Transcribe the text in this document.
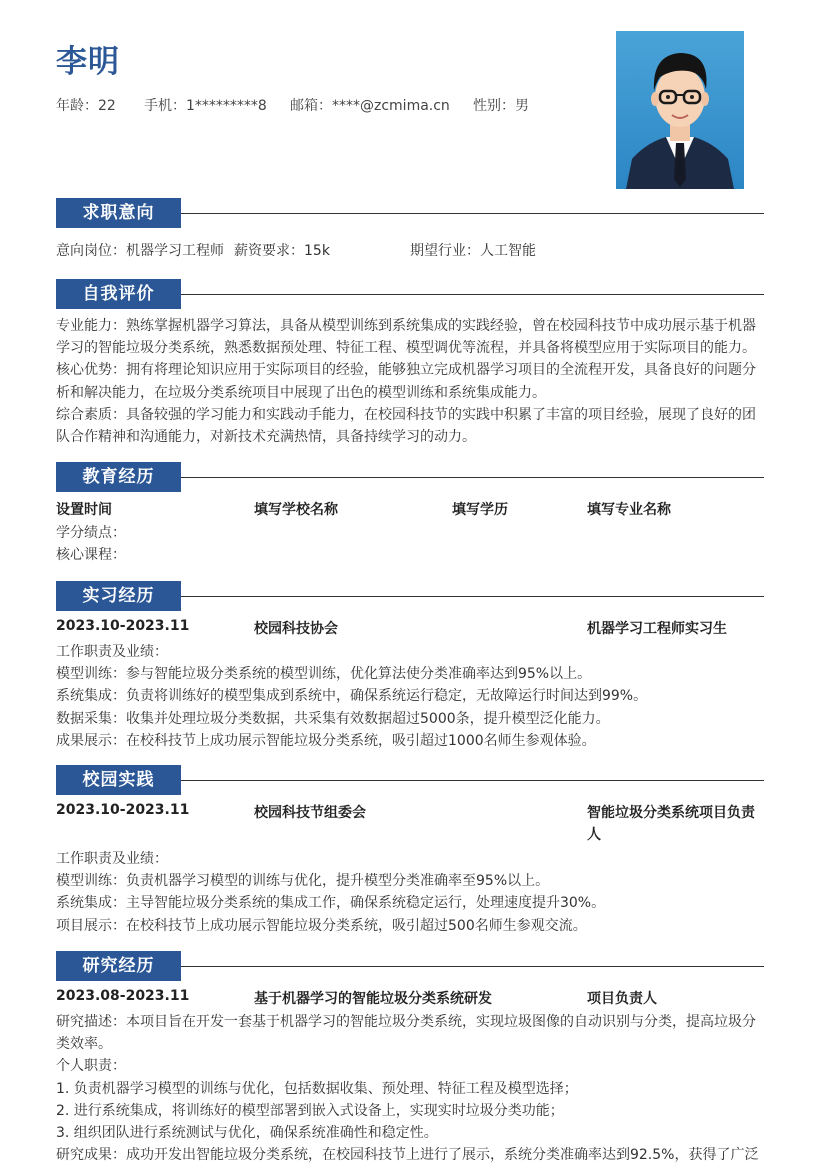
李明
年龄：22	手机：1*********8	邮箱：****@zcmima.cn	性别：男
求职意向
意向岗位：机器学习工程师 薪资要求：15k	期望行业：人工智能
自我评价
专业能力：熟练掌握机器学习算法，具备从模型训练到系统集成的实践经验，曾在校园科技节中成功展示基于机器学习的智能垃圾分类系统，熟悉数据预处理、特征工程、模型调优等流程，并具备将模型应用于实际项目的能力。
核心优势：拥有将理论知识应用于实际项目的经验，能够独立完成机器学习项目的全流程开发，具备良好的问题分析和解决能力，在垃圾分类系统项目中展现了出色的模型训练和系统集成能力。
综合素质：具备较强的学习能力和实践动手能力，在校园科技节的实践中积累了丰富的项目经验，展现了良好的团队合作精神和沟通能力，对新技术充满热情，具备持续学习的动力。
教育经历
设置时间	填写学校名称	填写学历	填写专业名称
学分绩点：
核心课程：
实习经历
2023.10-2023.11	校园科技协会	机器学习工程师实习生
工作职责及业绩：
模型训练：参与智能垃圾分类系统的模型训练，优化算法使分类准确率达到95%以上。
系统集成：负责将训练好的模型集成到系统中，确保系统运行稳定，无故障运行时间达到99%。
数据采集：收集并处理垃圾分类数据，共采集有效数据超过5000条，提升模型泛化能力。
成果展示：在校科技节上成功展示智能垃圾分类系统，吸引超过1000名师生参观体验。
校园实践
2023.10-2023.11	校园科技节组委会	智能垃圾分类系统项目负责人
工作职责及业绩：
模型训练：负责机器学习模型的训练与优化，提升模型分类准确率至95%以上。
系统集成：主导智能垃圾分类系统的集成工作，确保系统稳定运行，处理速度提升30%。
项目展示：在校科技节上成功展示智能垃圾分类系统，吸引超过500名师生参观交流。
研究经历
2023.08-2023.11	基于机器学习的智能垃圾分类系统研发	项目负责人
研究描述：本项目旨在开发一套基于机器学习的智能垃圾分类系统，实现垃圾图像的自动识别与分类，提高垃圾分类效率。
个人职责：
1. 负责机器学习模型的训练与优化，包括数据收集、预处理、特征工程及模型选择；
2. 进行系统集成，将训练好的模型部署到嵌入式设备上，实现实时垃圾分类功能；
3. 组织团队进行系统测试与优化，确保系统准确性和稳定性。
研究成果：成功开发出智能垃圾分类系统，在校园科技节上进行了展示，系统分类准确率达到92.5%，获得了广泛
